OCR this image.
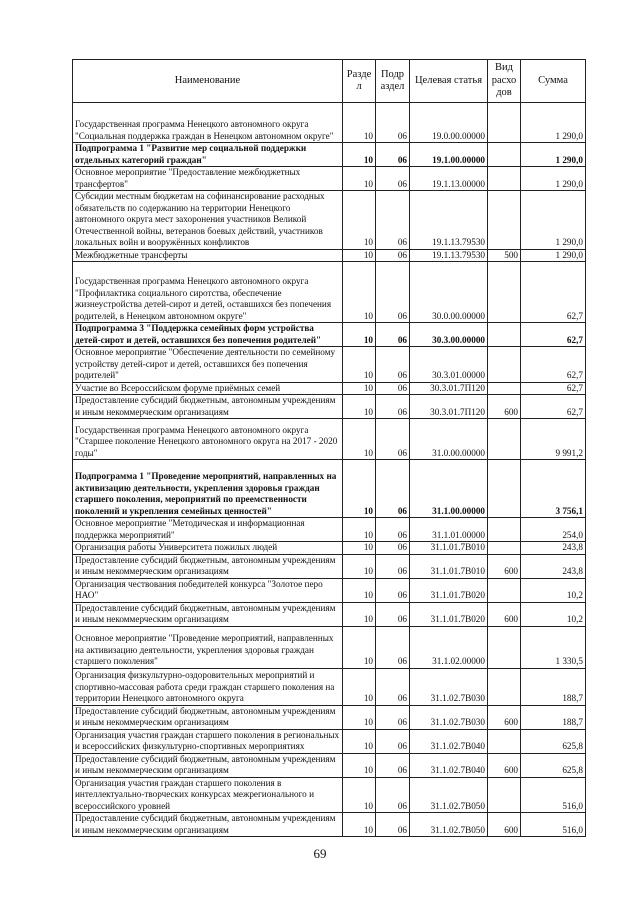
Наименование	Разде л	Подр аздел	Целевая статья	Вид расхо дов	Сумма
Государственная программа Ненецкого автономного округа "Социальная поддержка граждан в Ненецком автономном округе"	10	06	19.0.00.00000		1 290,0
Подпрограмма 1 "Развитие мер социальной поддержки отдельных категорий граждан"	10	06	19.1.00.00000		1 290,0
Основное мероприятие "Предоставление межбюджетных трансфертов"	10	06	19.1.13.00000		1 290,0
Субсидии местным бюджетам на софинансирование расходных обязательств по содержанию на территории Ненецкого автономного округа мест захоронения участников Великой Отечественной войны, ветеранов боевых действий, участников локальных войн и вооружённых конфликтов	10	06	19.1.13.79530		1 290,0
Межбюджетные трансферты	10	06	19.1.13.79530	500	1 290,0
Государственная программа Ненецкого автономного округа "Профилактика социального сиротства, обеспечение жизнеустройства детей-сирот и детей, оставшихся без попечения родителей, в Ненецком автономном округе"	10	06	30.0.00.00000		62,7
Подпрограмма 3 "Поддержка семейных форм устройства детей-сирот и детей, оставшихся без попечения родителей"	10	06	30.3.00.00000		62,7
Основное мероприятие "Обеспечение деятельности по семейному устройству детей-сирот и детей, оставшихся без попечения родителей"	10	06	30.3.01.00000		62,7
Участие во Всероссийском форуме приёмных семей	10	06	30.3.01.7П120		62,7
Предоставление субсидий бюджетным, автономным учреждениям и иным некоммерческим организациям	10	06	30.3.01.7П120	600	62,7
Государственная программа Ненецкого автономного округа "Старшее поколение Ненецкого автономного округа на 2017 - 2020 годы"	10	06	31.0.00.00000		9 991,2
Подпрограмма 1 "Проведение мероприятий, направленных на активизацию деятельности, укрепления здоровья граждан старшего поколения, мероприятий по преемственности поколений и укрепления семейных ценностей"	10	06	31.1.00.00000		3 756,1
Основное мероприятие "Методическая и информационная поддержка мероприятий"	10	06	31.1.01.00000		254,0
Организация работы Университета пожилых людей	10	06	31.1.01.7В010		243,8
Предоставление субсидий бюджетным, автономным учреждениям и иным некоммерческим организациям	10	06	31.1.01.7В010	600	243,8
Организация чествования победителей конкурса "Золотое перо НАО"	10	06	31.1.01.7В020		10,2
Предоставление субсидий бюджетным, автономным учреждениям и иным некоммерческим организациям	10	06	31.1.01.7В020	600	10,2
Основное мероприятие "Проведение мероприятий, направленных на активизацию деятельности, укрепления здоровья граждан старшего поколения"	10	06	31.1.02.00000		1 330,5
Организация физкультурно-оздоровительных мероприятий и спортивно-массовая работа среди граждан старшего поколения на территории Ненецкого автономного округа	10	06	31.1.02.7В030		188,7
Предоставление субсидий бюджетным, автономным учреждениям и иным некоммерческим организациям	10	06	31.1.02.7В030	600	188,7
Организация участия граждан старшего поколения в региональных и всероссийских физкультурно-спортивных мероприятиях	10	06	31.1.02.7В040		625,8
Предоставление субсидий бюджетным, автономным учреждениям и иным некоммерческим организациям	10	06	31.1.02.7В040	600	625,8
Организация участия граждан старшего поколения в интеллектуально-творческих конкурсах межрегионального и всероссийского уровней	10	06	31.1.02.7В050		516,0
Предоставление субсидий бюджетным, автономным учреждениям и иным некоммерческим организациям	10	06	31.1.02.7В050	600	516,0
69
